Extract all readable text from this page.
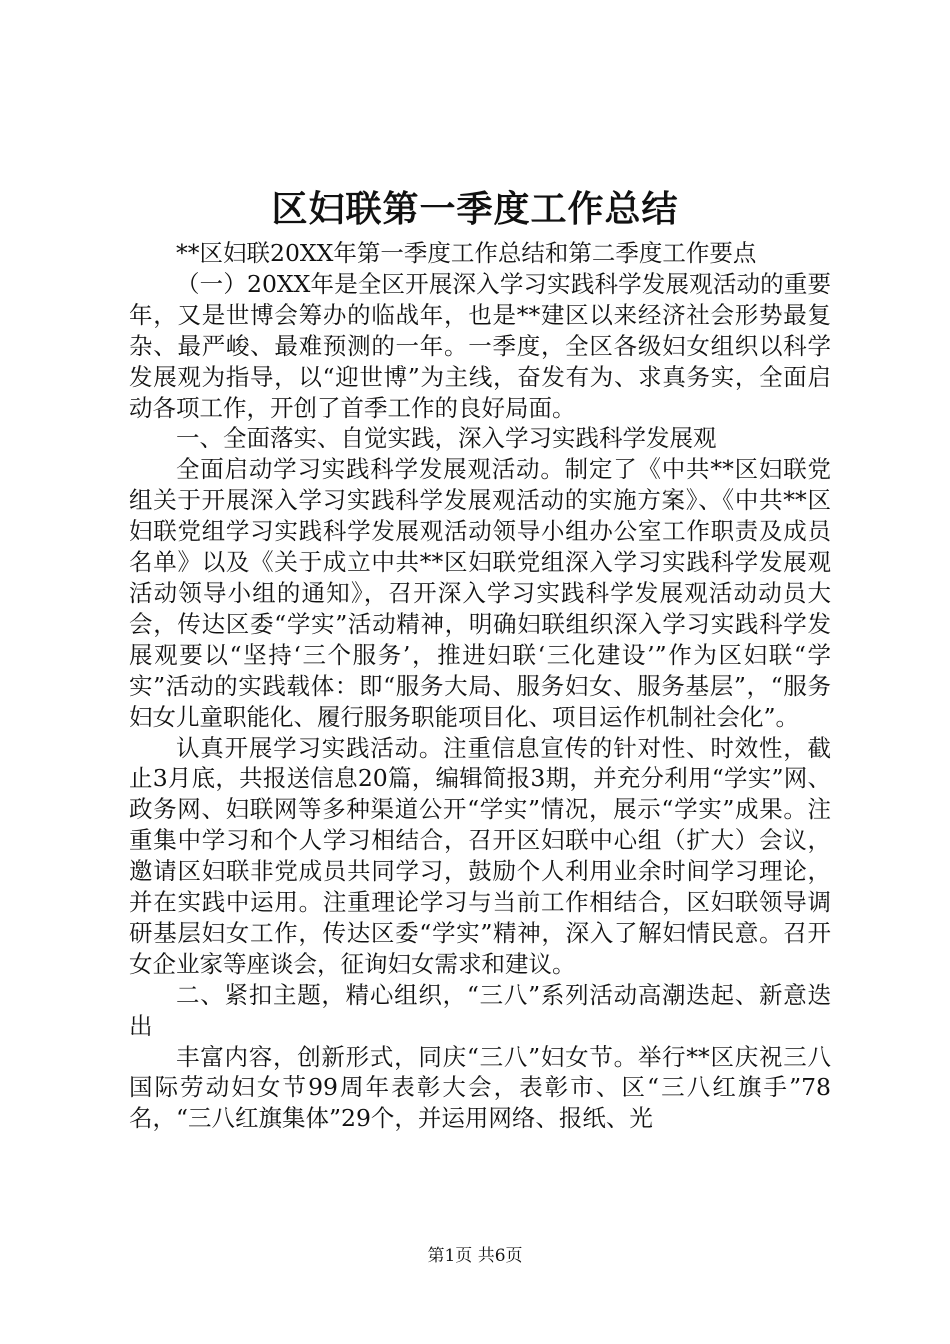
区妇联第一季度工作总结

**区妇联20XX年第一季度工作总结和第二季度工作要点

（一）20XX年是全区开展深入学习实践科学发展观活动的重要年，又是世博会筹办的临战年，也是**建区以来经济社会形势最复杂、最严峻、最难预测的一年。一季度，全区各级妇女组织以科学发展观为指导，以“迎世博”为主线，奋发有为、求真务实，全面启动各项工作，开创了首季工作的良好局面。

一、全面落实、自觉实践，深入学习实践科学发展观

全面启动学习实践科学发展观活动。制定了《中共**区妇联党组关于开展深入学习实践科学发展观活动的实施方案》、《中共**区妇联党组学习实践科学发展观活动领导小组办公室工作职责及成员名单》以及《关于成立中共**区妇联党组深入学习实践科学发展观活动领导小组的通知》，召开深入学习实践科学发展观活动动员大会，传达区委“学实”活动精神，明确妇联组织深入学习实践科学发展观要以“坚持‘三个服务’，推进妇联‘三化建设’”作为区妇联“学实”活动的实践载体：即“服务大局、服务妇女、服务基层”，“服务妇女儿童职能化、履行服务职能项目化、项目运作机制社会化”。

认真开展学习实践活动。注重信息宣传的针对性、时效性，截止3月底，共报送信息20篇，编辑简报3期，并充分利用“学实”网、政务网、妇联网等多种渠道公开“学实”情况，展示“学实”成果。注重集中学习和个人学习相结合，召开区妇联中心组（扩大）会议，邀请区妇联非党成员共同学习，鼓励个人利用业余时间学习理论，并在实践中运用。注重理论学习与当前工作相结合，区妇联领导调研基层妇女工作，传达区委“学实”精神，深入了解妇情民意。召开女企业家等座谈会，征询妇女需求和建议。

二、紧扣主题，精心组织，“三八”系列活动高潮迭起、新意迭出

丰富内容，创新形式，同庆“三八”妇女节。举行**区庆祝三八国际劳动妇女节99周年表彰大会，表彰市、区“三八红旗手”78名，“三八红旗集体”29个，并运用网络、报纸、光

第1页 共6页
